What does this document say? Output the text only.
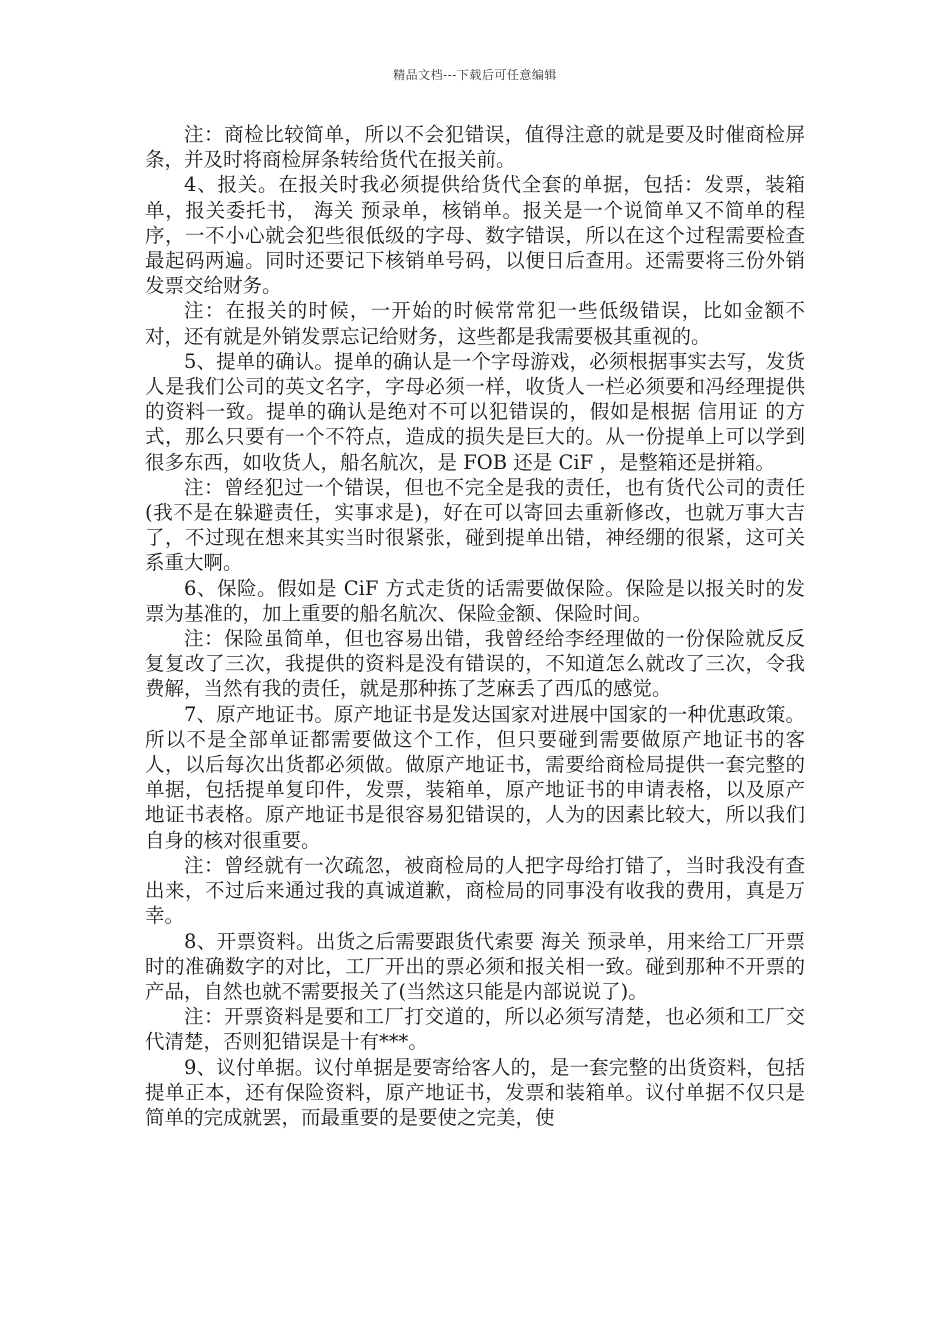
精品文档---下载后可任意编辑

注：商检比较简单，所以不会犯错误，值得注意的就是要及时催商检屏条，并及时将商检屏条转给货代在报关前。

4、报关。在报关时我必须提供给货代全套的单据，包括：发票，装箱单，报关委托书， 海关 预录单，核销单。报关是一个说简单又不简单的程序，一不小心就会犯些很低级的字母、数字错误，所以在这个过程需要检查最起码两遍。同时还要记下核销单号码，以便日后查用。还需要将三份外销发票交给财务。

注：在报关的时候，一开始的时候常常犯一些低级错误，比如金额不对，还有就是外销发票忘记给财务，这些都是我需要极其重视的。

5、提单的确认。提单的确认是一个字母游戏，必须根据事实去写，发货人是我们公司的英文名字，字母必须一样，收货人一栏必须要和冯经理提供的资料一致。提单的确认是绝对不可以犯错误的，假如是根据 信用证 的方式，那么只要有一个不符点，造成的损失是巨大的。从一份提单上可以学到很多东西，如收货人，船名航次，是 FOB 还是 CiF ，是整箱还是拼箱。

注：曾经犯过一个错误，但也不完全是我的责任，也有货代公司的责任(我不是在躲避责任，实事求是)，好在可以寄回去重新修改，也就万事大吉了，不过现在想来其实当时很紧张，碰到提单出错，神经绷的很紧，这可关系重大啊。

6、保险。假如是 CiF 方式走货的话需要做保险。保险是以报关时的发票为基准的，加上重要的船名航次、保险金额、保险时间。

注：保险虽简单，但也容易出错，我曾经给李经理做的一份保险就反反复复改了三次，我提供的资料是没有错误的，不知道怎么就改了三次，令我费解，当然有我的责任，就是那种拣了芝麻丢了西瓜的感觉。

7、原产地证书。原产地证书是发达国家对进展中国家的一种优惠政策。所以不是全部单证都需要做这个工作，但只要碰到需要做原产地证书的客人，以后每次出货都必须做。做原产地证书，需要给商检局提供一套完整的单据，包括提单复印件，发票，装箱单，原产地证书的申请表格，以及原产地证书表格。原产地证书是很容易犯错误的，人为的因素比较大，所以我们自身的核对很重要。

注：曾经就有一次疏忽，被商检局的人把字母给打错了，当时我没有查出来，不过后来通过我的真诚道歉，商检局的同事没有收我的费用，真是万幸。

8、开票资料。出货之后需要跟货代索要 海关 预录单，用来给工厂开票时的准确数字的对比，工厂开出的票必须和报关相一致。碰到那种不开票的产品，自然也就不需要报关了(当然这只能是内部说说了)。

注：开票资料是要和工厂打交道的，所以必须写清楚，也必须和工厂交代清楚，否则犯错误是十有***。

9、议付单据。议付单据是要寄给客人的，是一套完整的出货资料，包括提单正本，还有保险资料，原产地证书，发票和装箱单。议付单据不仅只是简单的完成就罢，而最重要的是要使之完美，使
